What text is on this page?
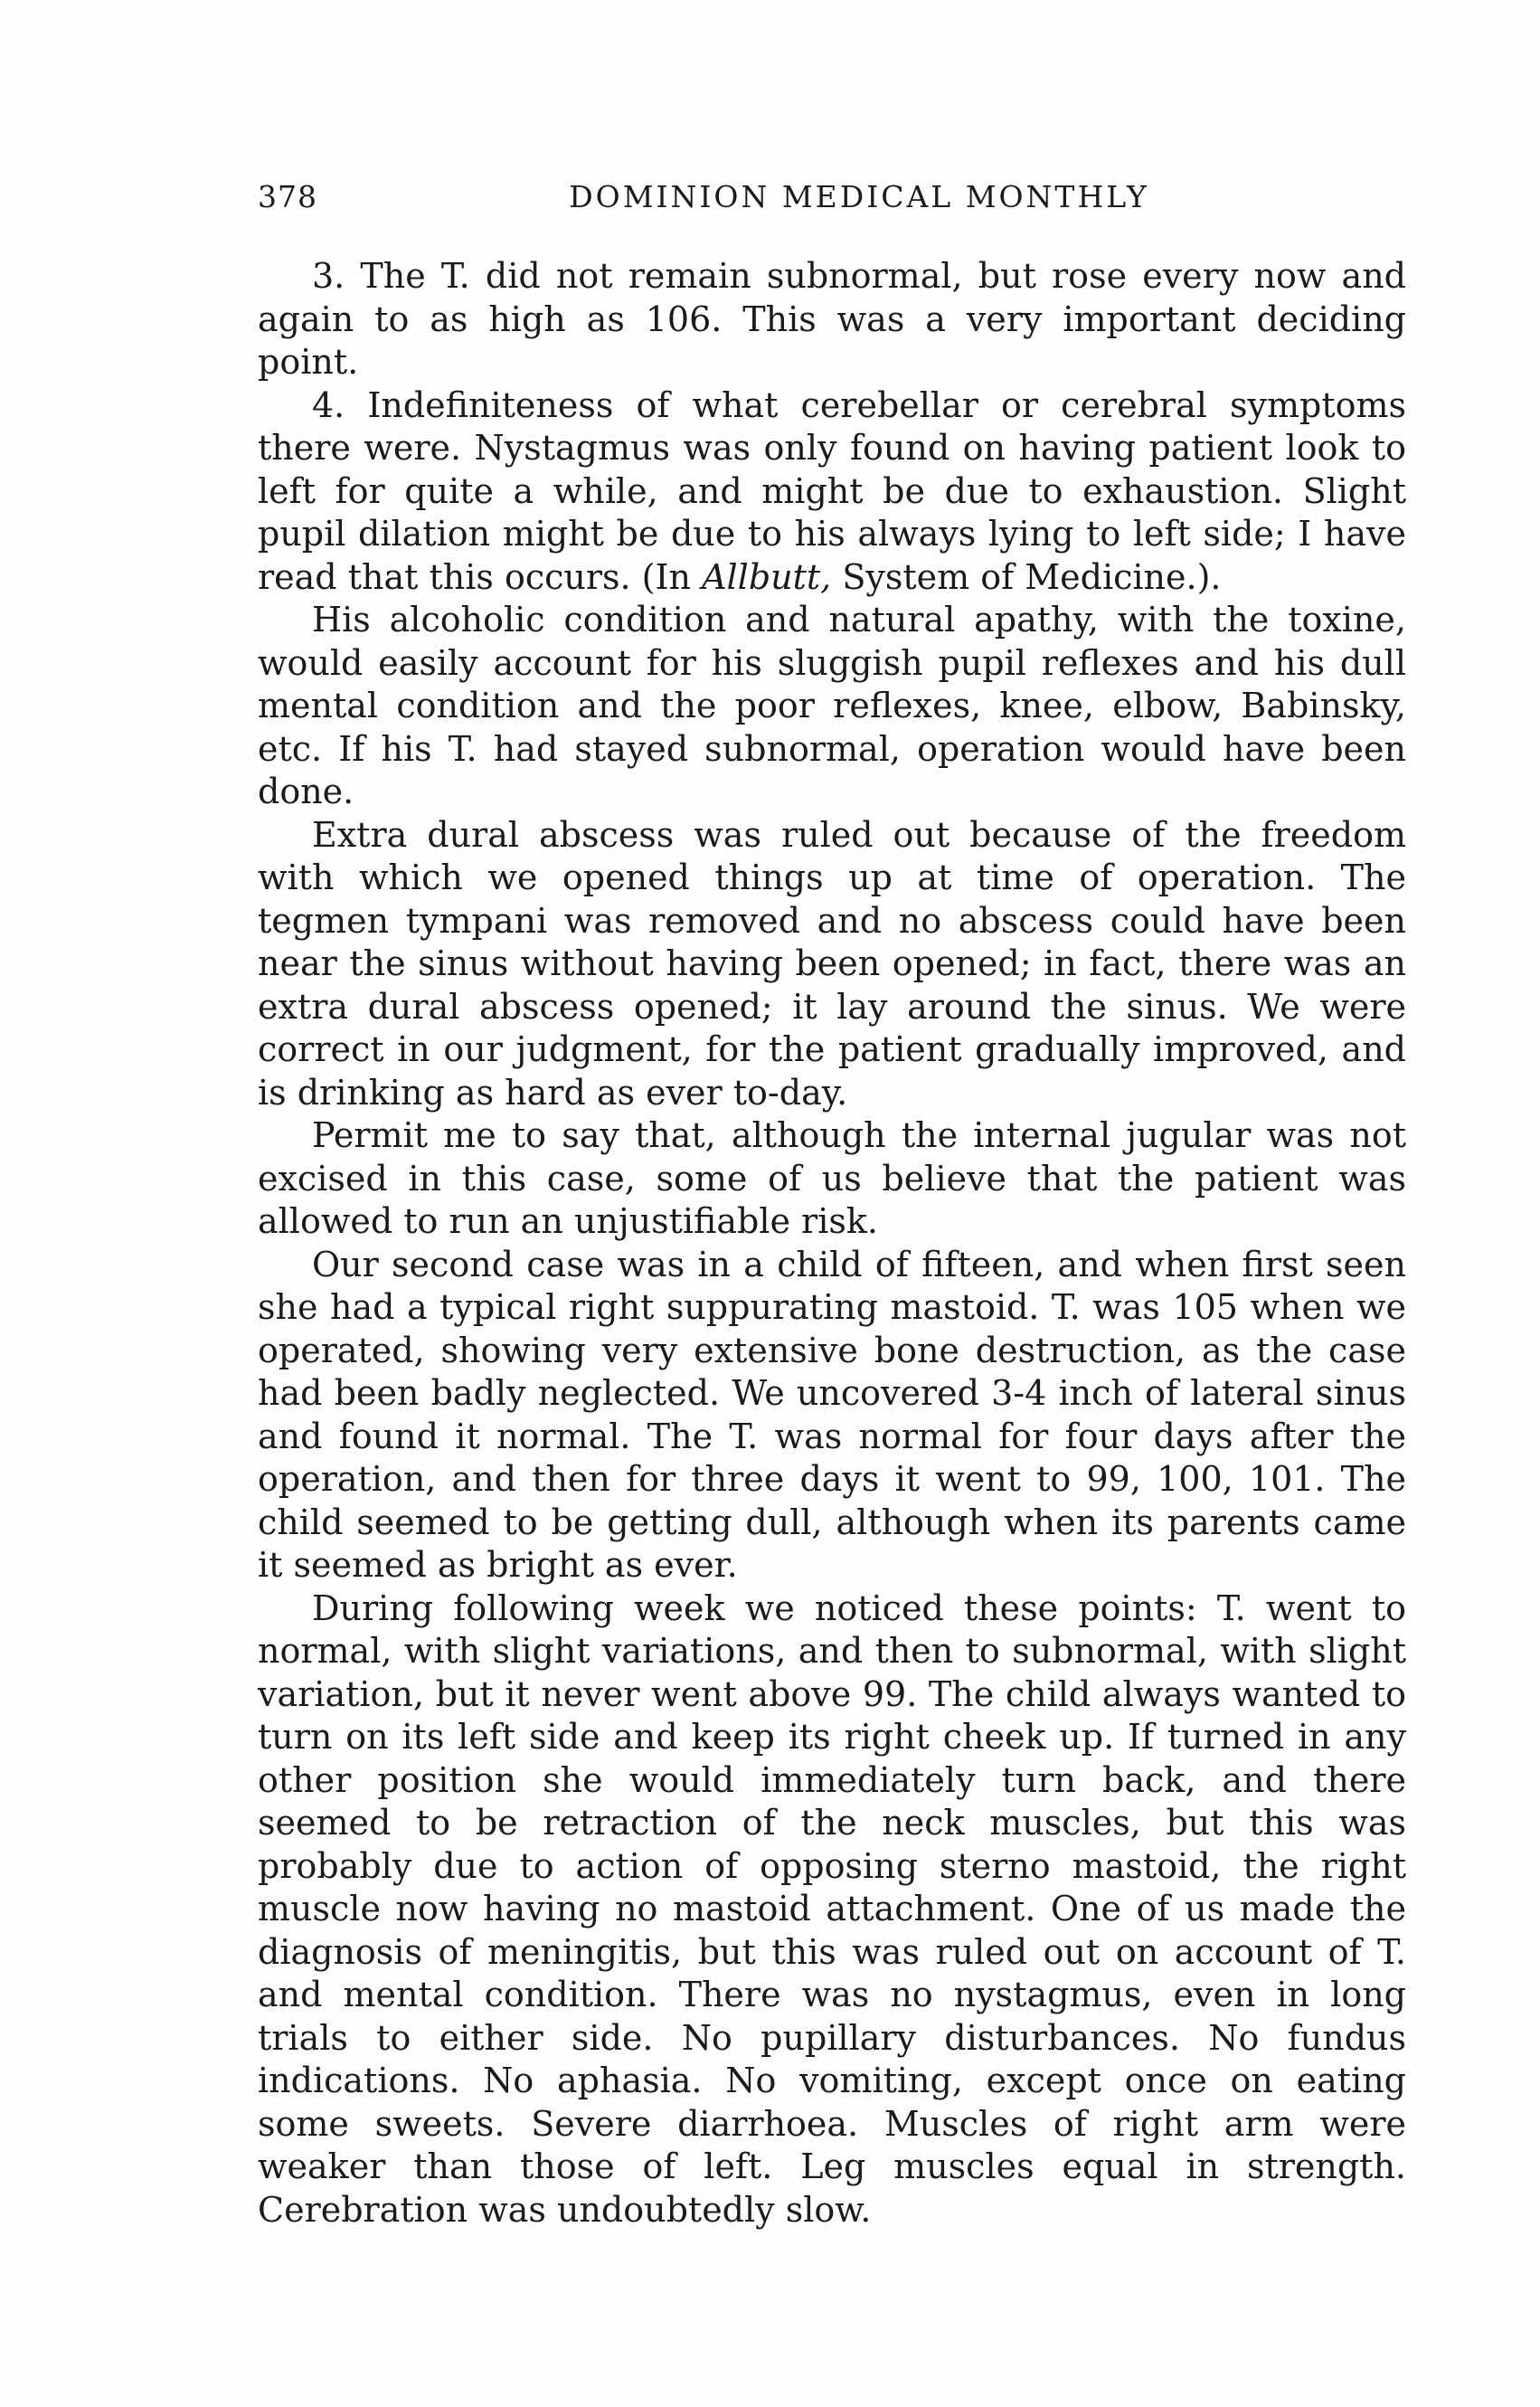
378	DOMINION MEDICAL MONTHLY

3. The T. did not remain subnormal, but rose every now and again to as high as 106. This was a very important deciding point.

4. Indefiniteness of what cerebellar or cerebral symptoms there were. Nystagmus was only found on having patient look to left for quite a while, and might be due to exhaustion. Slight pupil dilation might be due to his always lying to left side; I have read that this occurs. (In Allbutt, System of Medicine.).

His alcoholic condition and natural apathy, with the toxine, would easily account for his sluggish pupil reflexes and his dull mental condition and the poor reflexes, knee, elbow, Babinsky, etc. If his T. had stayed subnormal, operation would have been done.

Extra dural abscess was ruled out because of the freedom with which we opened things up at time of operation. The tegmen tympani was removed and no abscess could have been near the sinus without having been opened; in fact, there was an extra dural abscess opened; it lay around the sinus. We were correct in our judgment, for the patient gradually improved, and is drinking as hard as ever to-day.

Permit me to say that, although the internal jugular was not excised in this case, some of us believe that the patient was allowed to run an unjustifiable risk.

Our second case was in a child of fifteen, and when first seen she had a typical right suppurating mastoid. T. was 105 when we operated, showing very extensive bone destruction, as the case had been badly neglected. We uncovered 3-4 inch of lateral sinus and found it normal. The T. was normal for four days after the operation, and then for three days it went to 99, 100, 101. The child seemed to be getting dull, although when its parents came it seemed as bright as ever.

During following week we noticed these points: T. went to normal, with slight variations, and then to subnormal, with slight variation, but it never went above 99. The child always wanted to turn on its left side and keep its right cheek up. If turned in any other position she would immediately turn back, and there seemed to be retraction of the neck muscles, but this was probably due to action of opposing sterno mastoid, the right muscle now having no mastoid attachment. One of us made the diagnosis of meningitis, but this was ruled out on account of T. and mental condition. There was no nystagmus, even in long trials to either side. No pupillary disturbances. No fundus indications. No aphasia. No vomiting, except once on eating some sweets. Severe diarrhoea. Muscles of right arm were weaker than those of left. Leg muscles equal in strength. Cerebration was undoubtedly slow.
